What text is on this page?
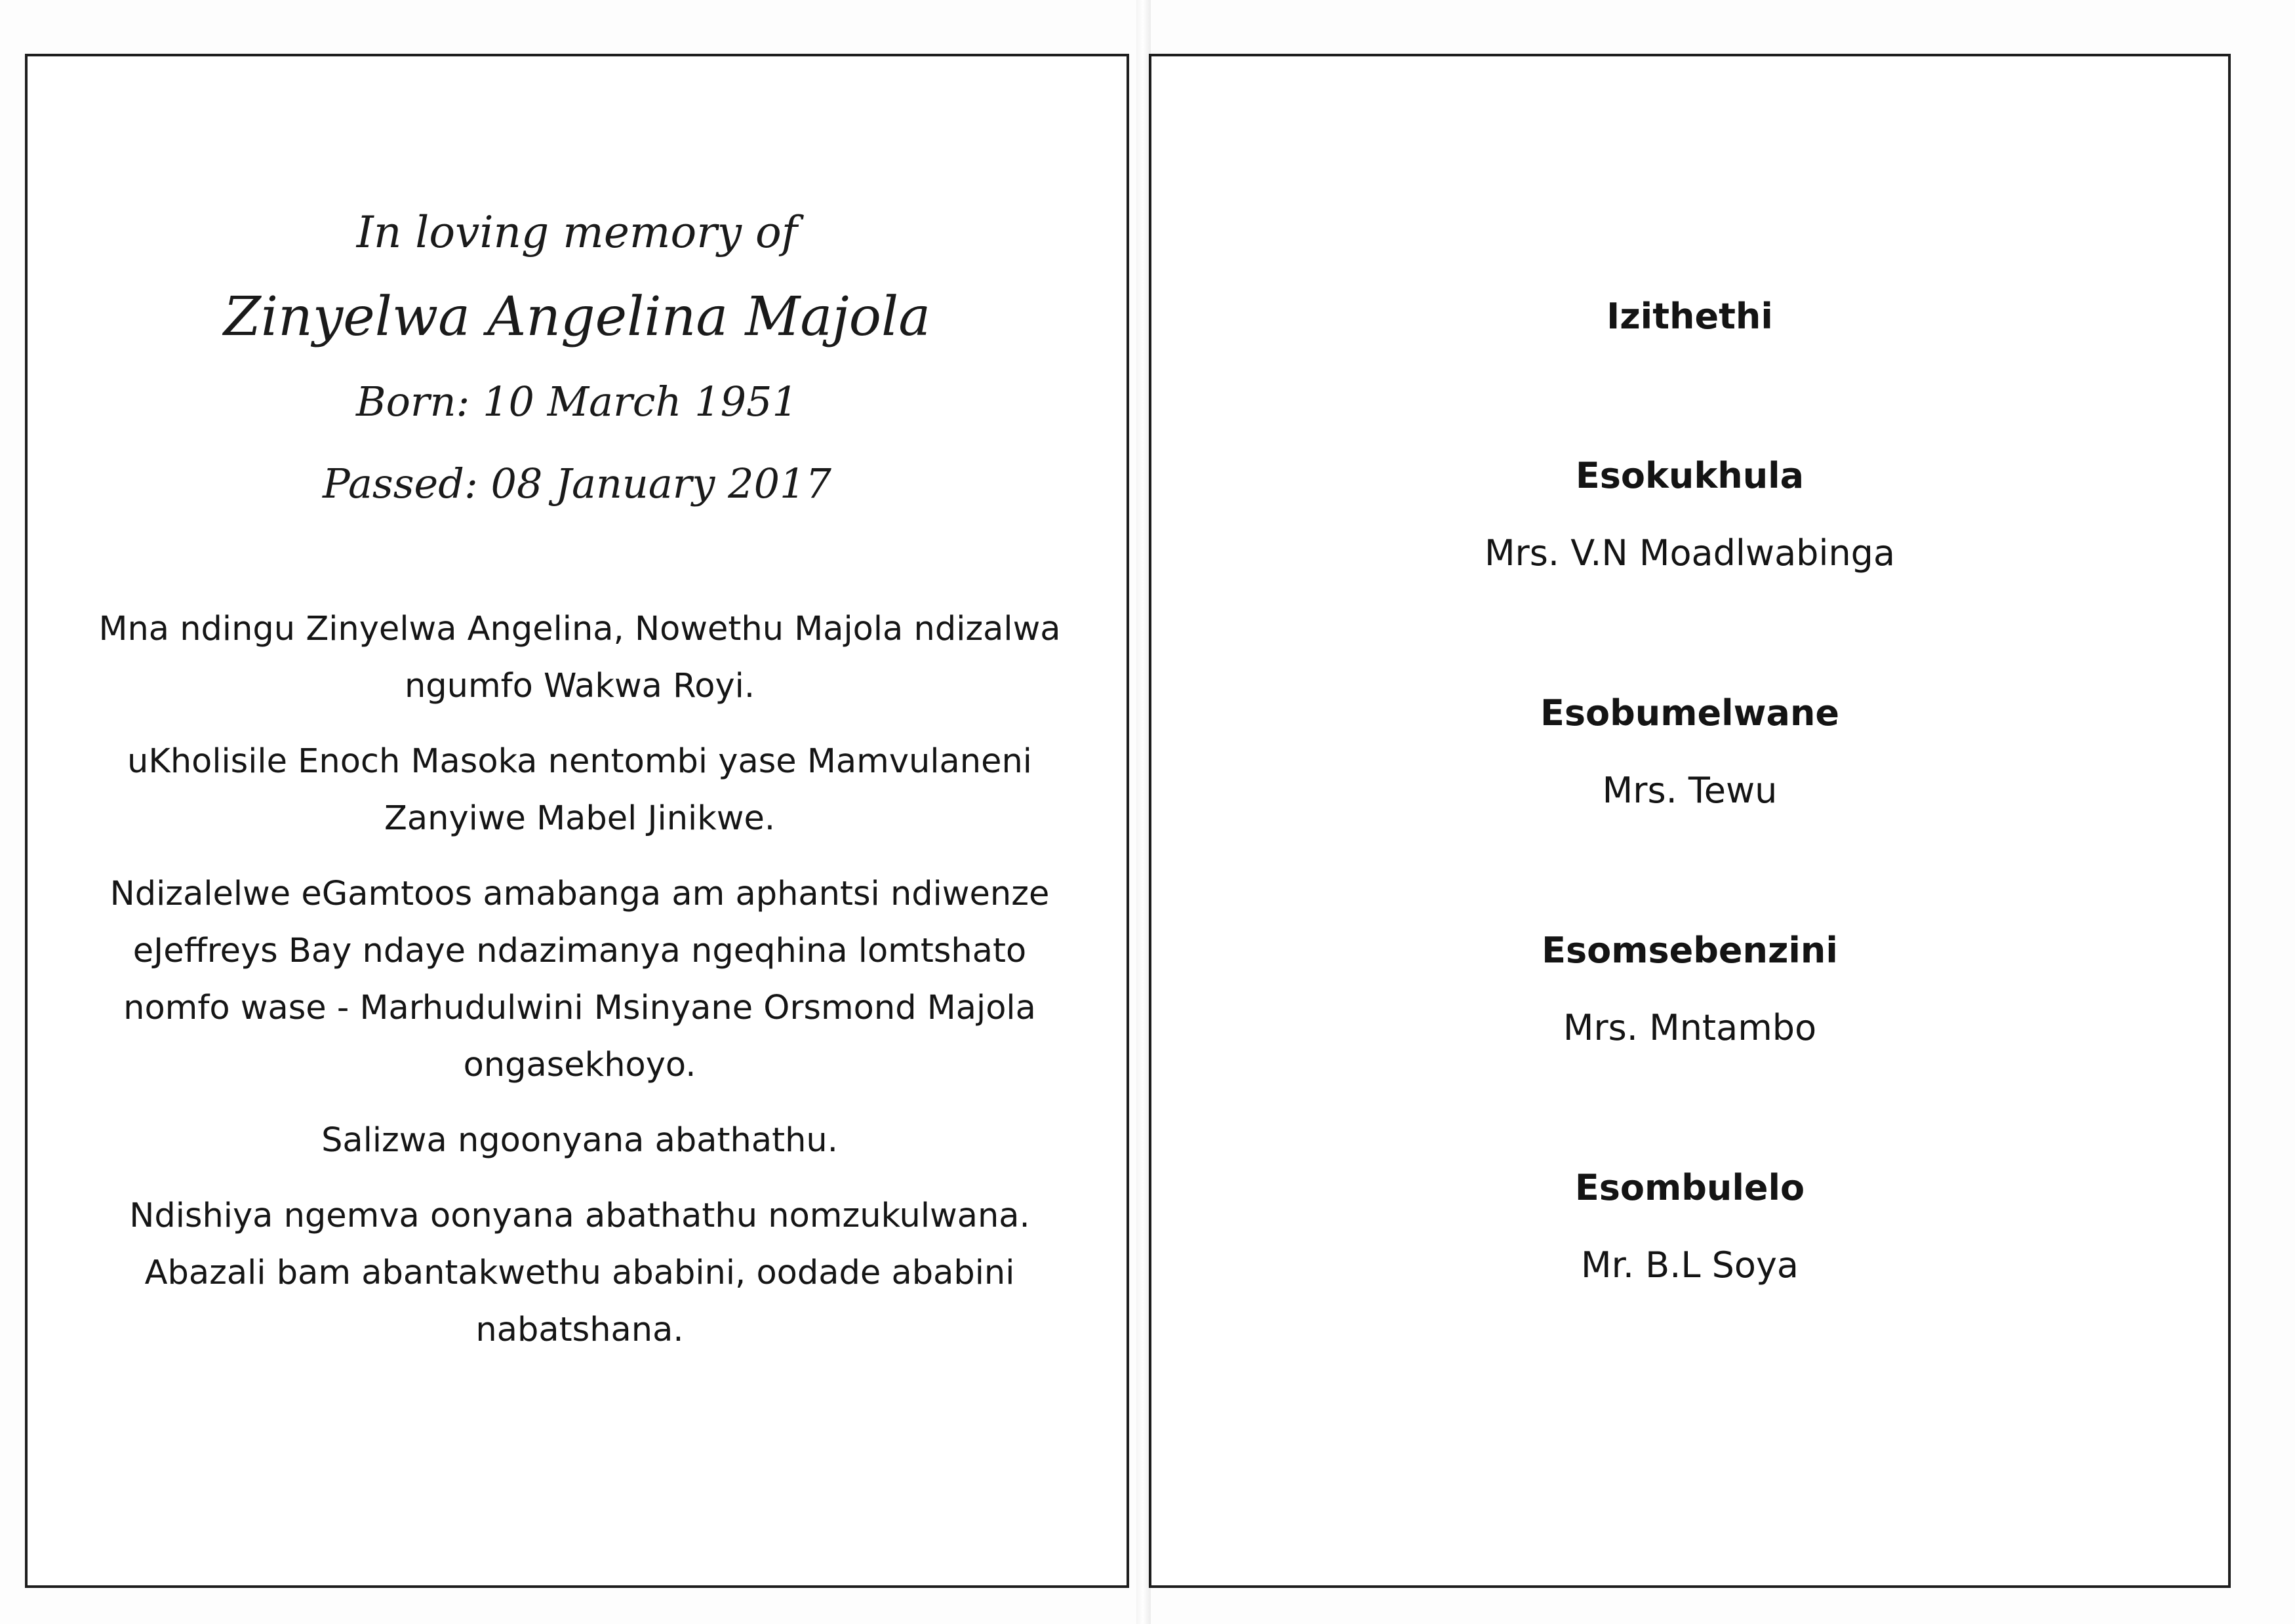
In loving memory of
Zinyelwa Angelina Majola
Born: 10 March 1951
Passed: 08 January 2017

Mna ndingu Zinyelwa Angelina, Nowethu Majola ndizalwa
ngumfo Wakwa Royi.

uKholisile Enoch Masoka nentombi yase Mamvulaneni
Zanyiwe Mabel Jinikwe.

Ndizalelwe eGamtoos amabanga am aphantsi ndiwenze
eJeffreys Bay ndaye ndazimanya ngeqhina lomtshato
nomfo wase - Marhudulwini Msinyane Orsmond Majola
ongasekhoyo.

Salizwa ngoonyana abathathu.

Ndishiya ngemva oonyana abathathu nomzukulwana.
Abazali bam abantakwethu ababini, oodade ababini
nabatshana.

Izithethi
Esokukhula
Mrs. V.N Moadlwabinga
Esobumelwane
Mrs. Tewu
Esomsebenzini
Mrs. Mntambo
Esombulelo
Mr. B.L Soya
